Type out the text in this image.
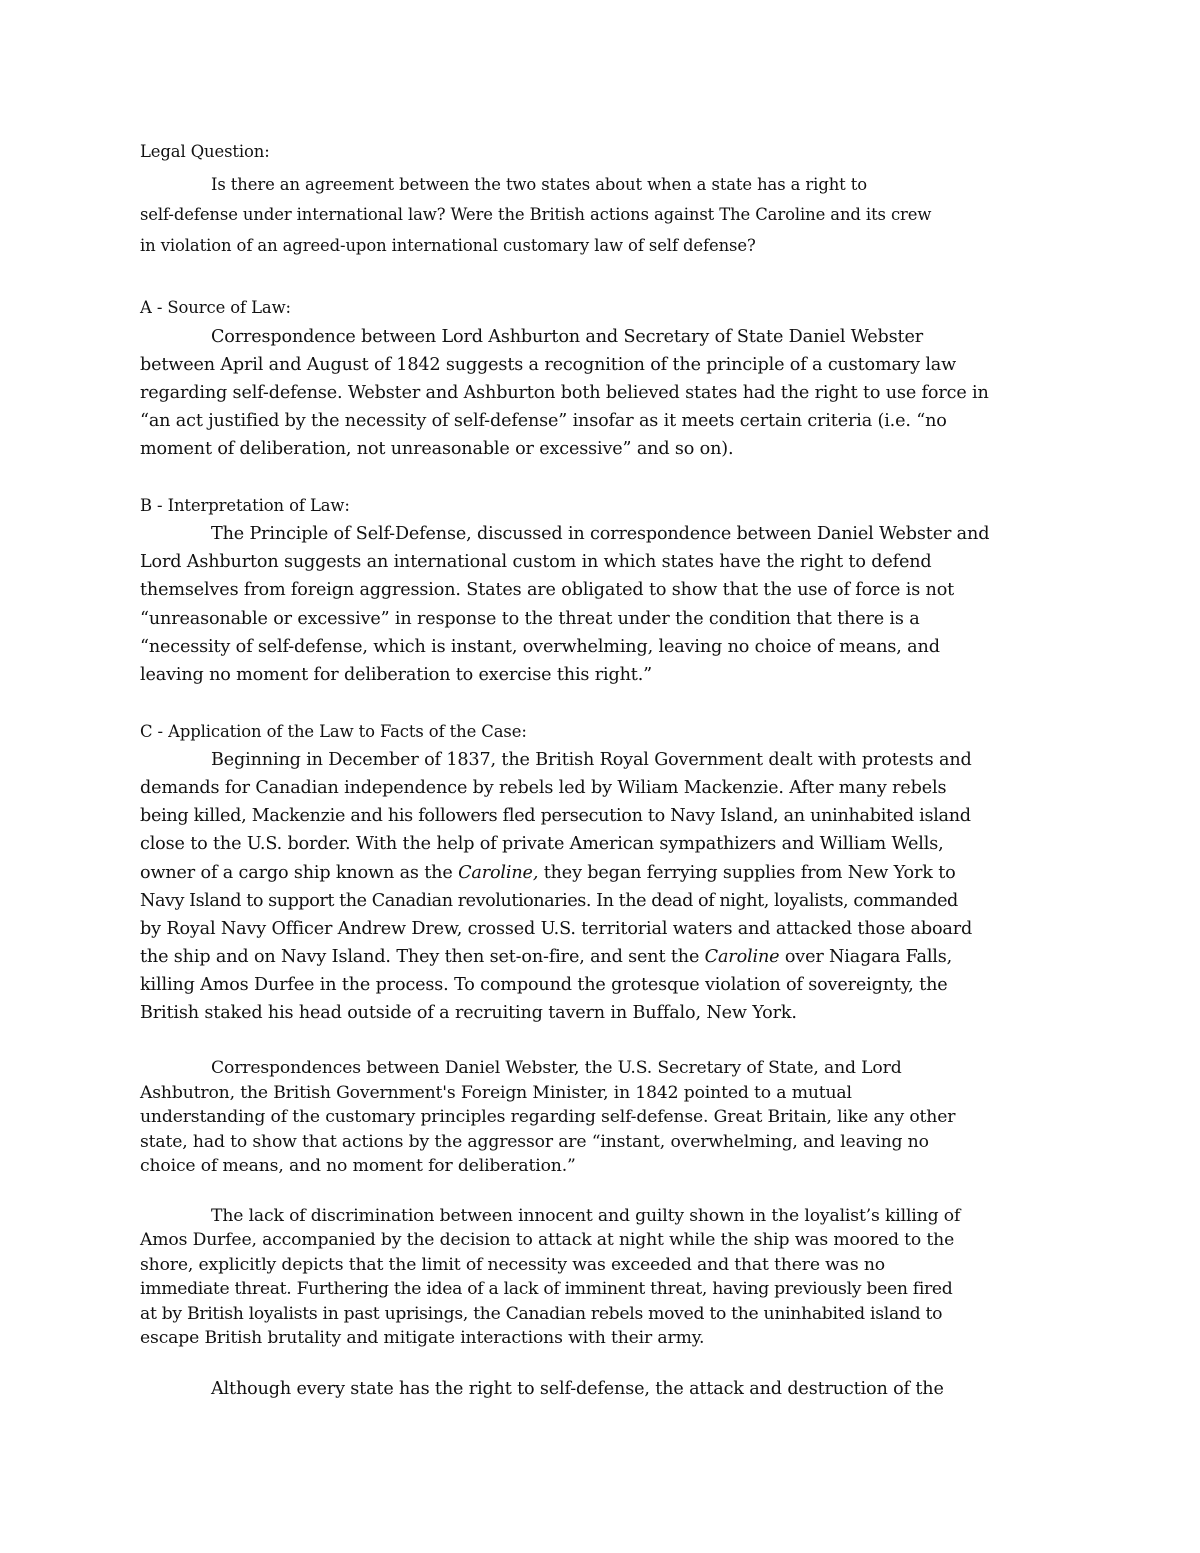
Legal Question:
Is there an agreement between the two states about when a state has a right to
self-defense under international law? Were the British actions against The Caroline and its crew
in violation of an agreed-upon international customary law of self defense?
A - Source of Law:
Correspondence between Lord Ashburton and Secretary of State Daniel Webster
between April and August of 1842 suggests a recognition of the principle of a customary law
regarding self-defense. Webster and Ashburton both believed states had the right to use force in
“an act justified by the necessity of self-defense” insofar as it meets certain criteria (i.e. “no
moment of deliberation, not unreasonable or excessive” and so on).
B - Interpretation of Law:
The Principle of Self-Defense, discussed in correspondence between Daniel Webster and
Lord Ashburton suggests an international custom in which states have the right to defend
themselves from foreign aggression. States are obligated to show that the use of force is not
“unreasonable or excessive” in response to the threat under the condition that there is a
“necessity of self-defense, which is instant, overwhelming, leaving no choice of means, and
leaving no moment for deliberation to exercise this right.”
C - Application of the Law to Facts of the Case:
Beginning in December of 1837, the British Royal Government dealt with protests and
demands for Canadian independence by rebels led by Wiliam Mackenzie. After many rebels
being killed, Mackenzie and his followers fled persecution to Navy Island, an uninhabited island
close to the U.S. border. With the help of private American sympathizers and William Wells,
owner of a cargo ship known as the Caroline, they began ferrying supplies from New York to
Navy Island to support the Canadian revolutionaries. In the dead of night, loyalists, commanded
by Royal Navy Officer Andrew Drew, crossed U.S. territorial waters and attacked those aboard
the ship and on Navy Island. They then set-on-fire, and sent the Caroline over Niagara Falls,
killing Amos Durfee in the process. To compound the grotesque violation of sovereignty, the
British staked his head outside of a recruiting tavern in Buffalo, New York.
Correspondences between Daniel Webster, the U.S. Secretary of State, and Lord
Ashbutron, the British Government's Foreign Minister, in 1842 pointed to a mutual
understanding of the customary principles regarding self-defense. Great Britain, like any other
state, had to show that actions by the aggressor are “instant, overwhelming, and leaving no
choice of means, and no moment for deliberation.”
The lack of discrimination between innocent and guilty shown in the loyalist’s killing of
Amos Durfee, accompanied by the decision to attack at night while the ship was moored to the
shore, explicitly depicts that the limit of necessity was exceeded and that there was no
immediate threat. Furthering the idea of a lack of imminent threat, having previously been fired
at by British loyalists in past uprisings, the Canadian rebels moved to the uninhabited island to
escape British brutality and mitigate interactions with their army.
Although every state has the right to self-defense, the attack and destruction of the
